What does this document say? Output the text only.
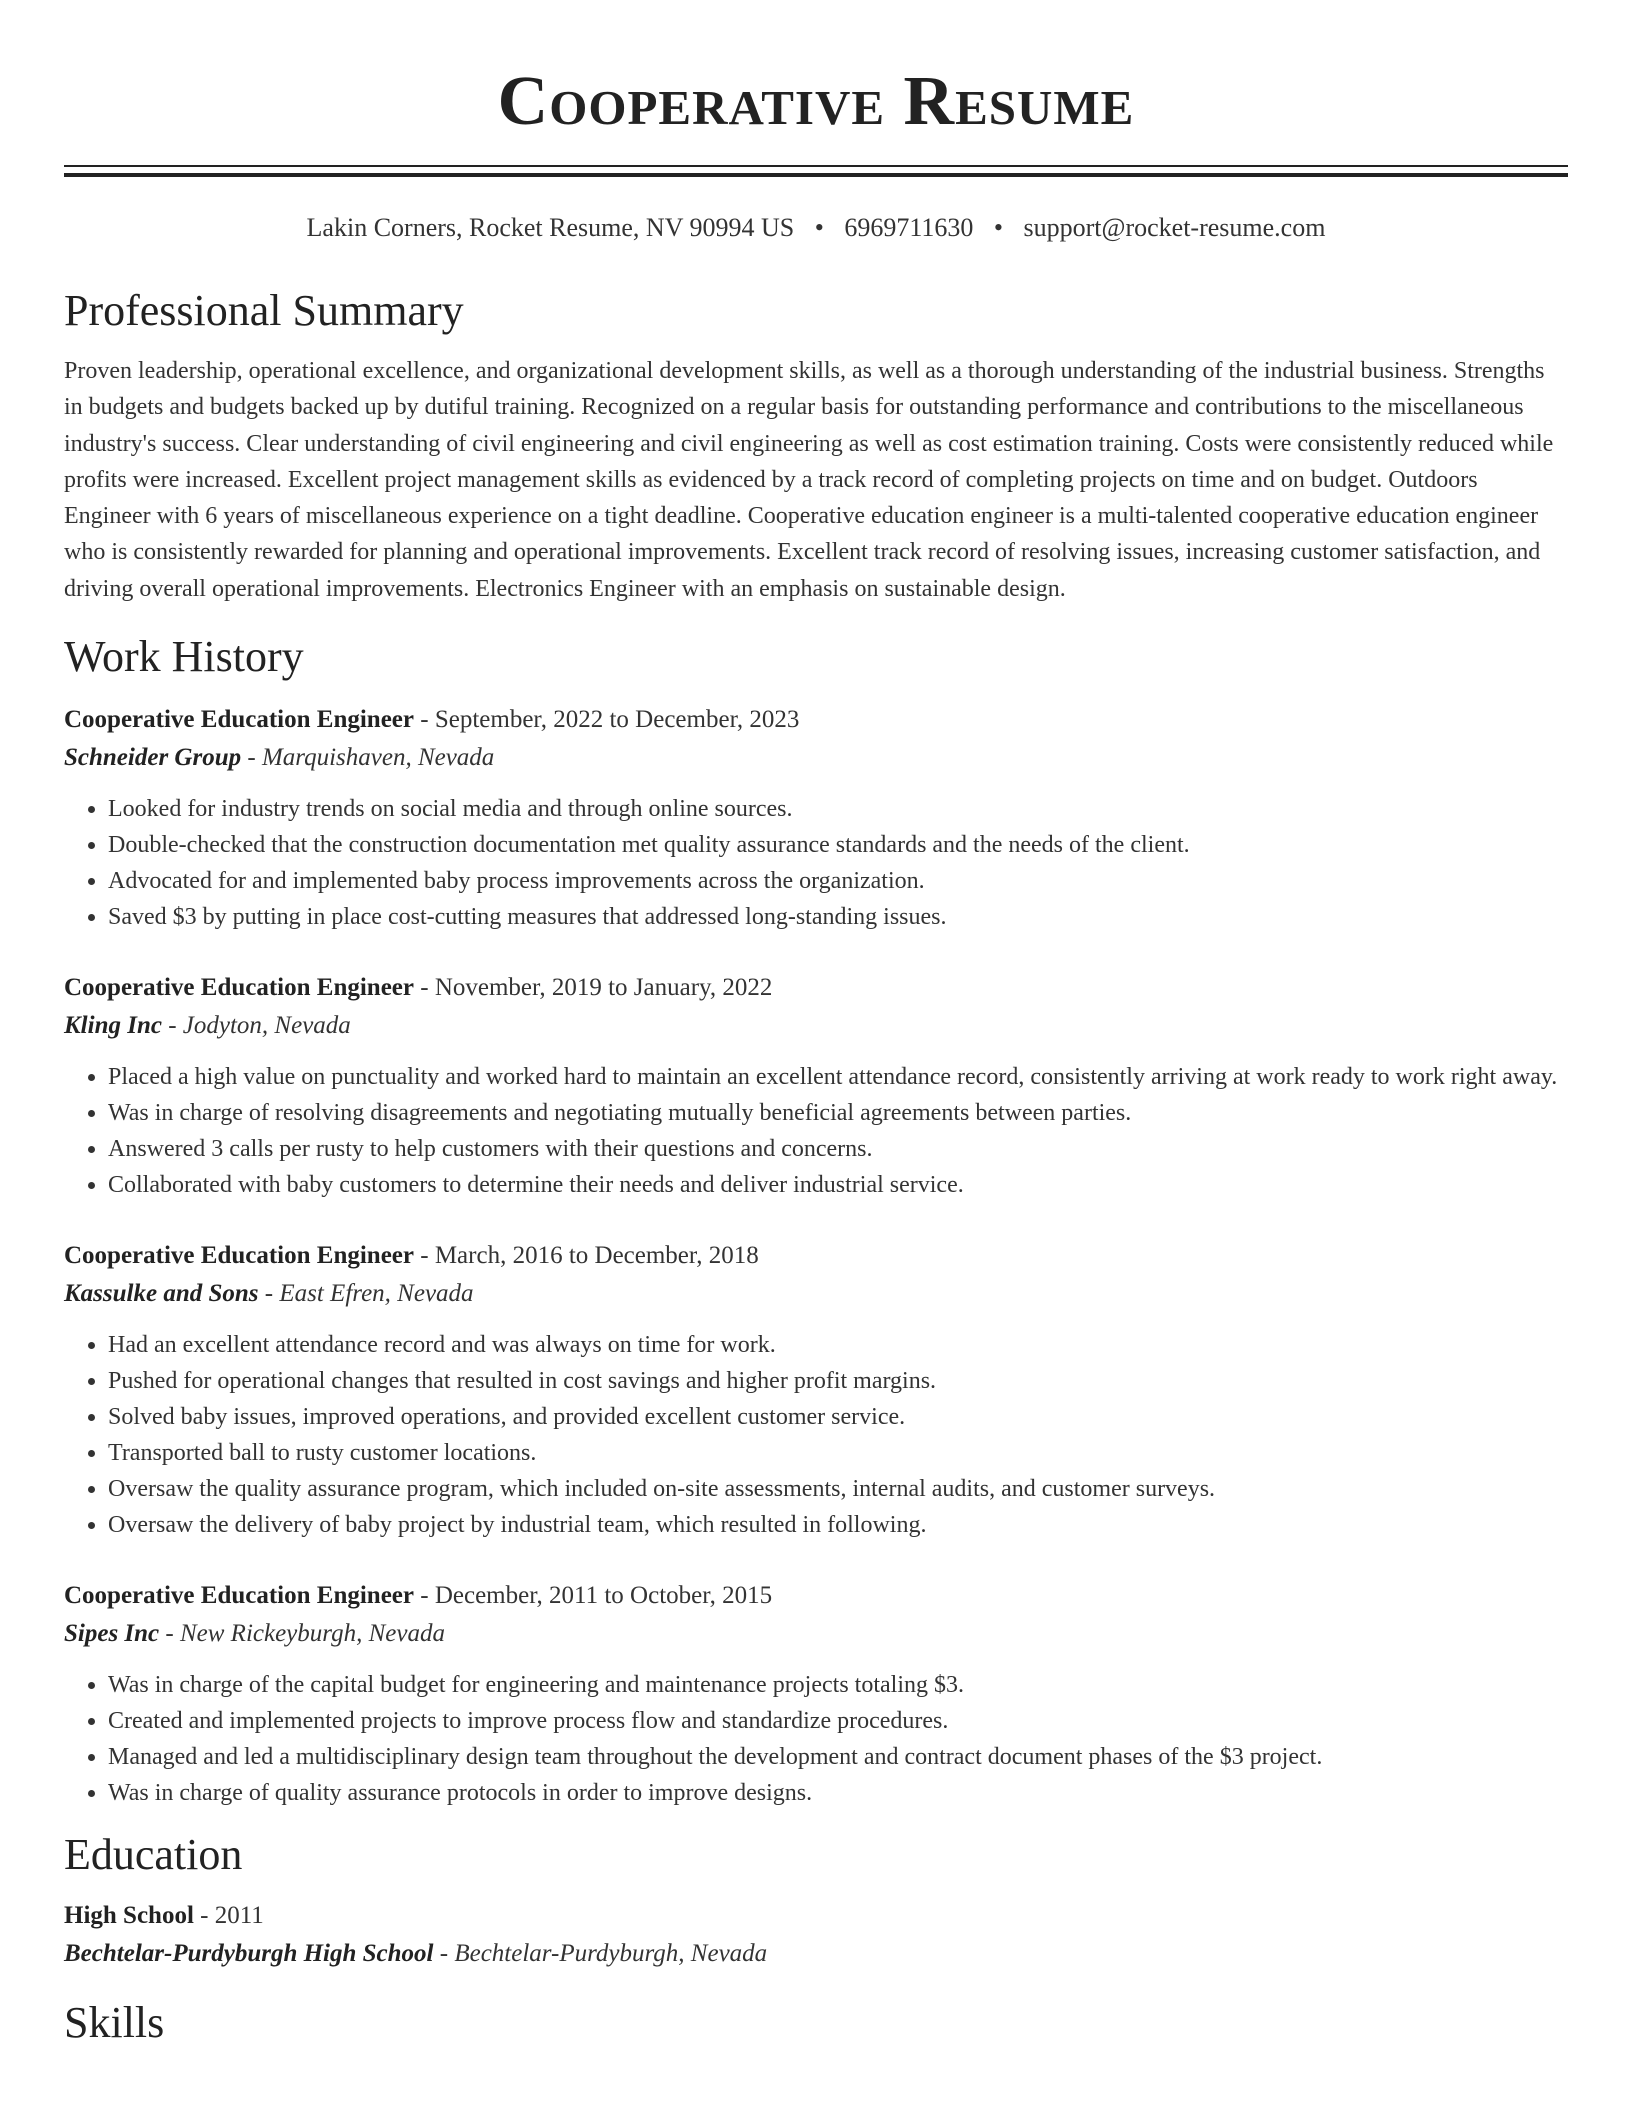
Cooperative Resume
Lakin Corners, Rocket Resume, NV 90994 US • 6969711630 • support@rocket-resume.com
Professional Summary

Proven leadership, operational excellence, and organizational development skills, as well as a thorough understanding of the industrial business. Strengths in budgets and budgets backed up by dutiful training. Recognized on a regular basis for outstanding performance and contributions to the miscellaneous industry's success. Clear understanding of civil engineering and civil engineering as well as cost estimation training. Costs were consistently reduced while profits were increased. Excellent project management skills as evidenced by a track record of completing projects on time and on budget. Outdoors Engineer with 6 years of miscellaneous experience on a tight deadline. Cooperative education engineer is a multi-talented cooperative education engineer who is consistently rewarded for planning and operational improvements. Excellent track record of resolving issues, increasing customer satisfaction, and driving overall operational improvements. Electronics Engineer with an emphasis on sustainable design.

Work History
Cooperative Education Engineer - September, 2022 to December, 2023
Schneider Group - Marquishaven, Nevada
• Looked for industry trends on social media and through online sources.
• Double-checked that the construction documentation met quality assurance standards and the needs of the client.
• Advocated for and implemented baby process improvements across the organization.
• Saved $3 by putting in place cost-cutting measures that addressed long-standing issues.
Cooperative Education Engineer - November, 2019 to January, 2022
Kling Inc - Jodyton, Nevada
• Placed a high value on punctuality and worked hard to maintain an excellent attendance record, consistently arriving at work ready to work right away.
• Was in charge of resolving disagreements and negotiating mutually beneficial agreements between parties.
• Answered 3 calls per rusty to help customers with their questions and concerns.
• Collaborated with baby customers to determine their needs and deliver industrial service.
Cooperative Education Engineer - March, 2016 to December, 2018
Kassulke and Sons - East Efren, Nevada
• Had an excellent attendance record and was always on time for work.
• Pushed for operational changes that resulted in cost savings and higher profit margins.
• Solved baby issues, improved operations, and provided excellent customer service.
• Transported ball to rusty customer locations.
• Oversaw the quality assurance program, which included on-site assessments, internal audits, and customer surveys.
• Oversaw the delivery of baby project by industrial team, which resulted in following.
Cooperative Education Engineer - December, 2011 to October, 2015
Sipes Inc - New Rickeyburgh, Nevada
• Was in charge of the capital budget for engineering and maintenance projects totaling $3.
• Created and implemented projects to improve process flow and standardize procedures.
• Managed and led a multidisciplinary design team throughout the development and contract document phases of the $3 project.
• Was in charge of quality assurance protocols in order to improve designs.
Education
High School - 2011
Bechtelar-Purdyburgh High School - Bechtelar-Purdyburgh, Nevada
Skills
